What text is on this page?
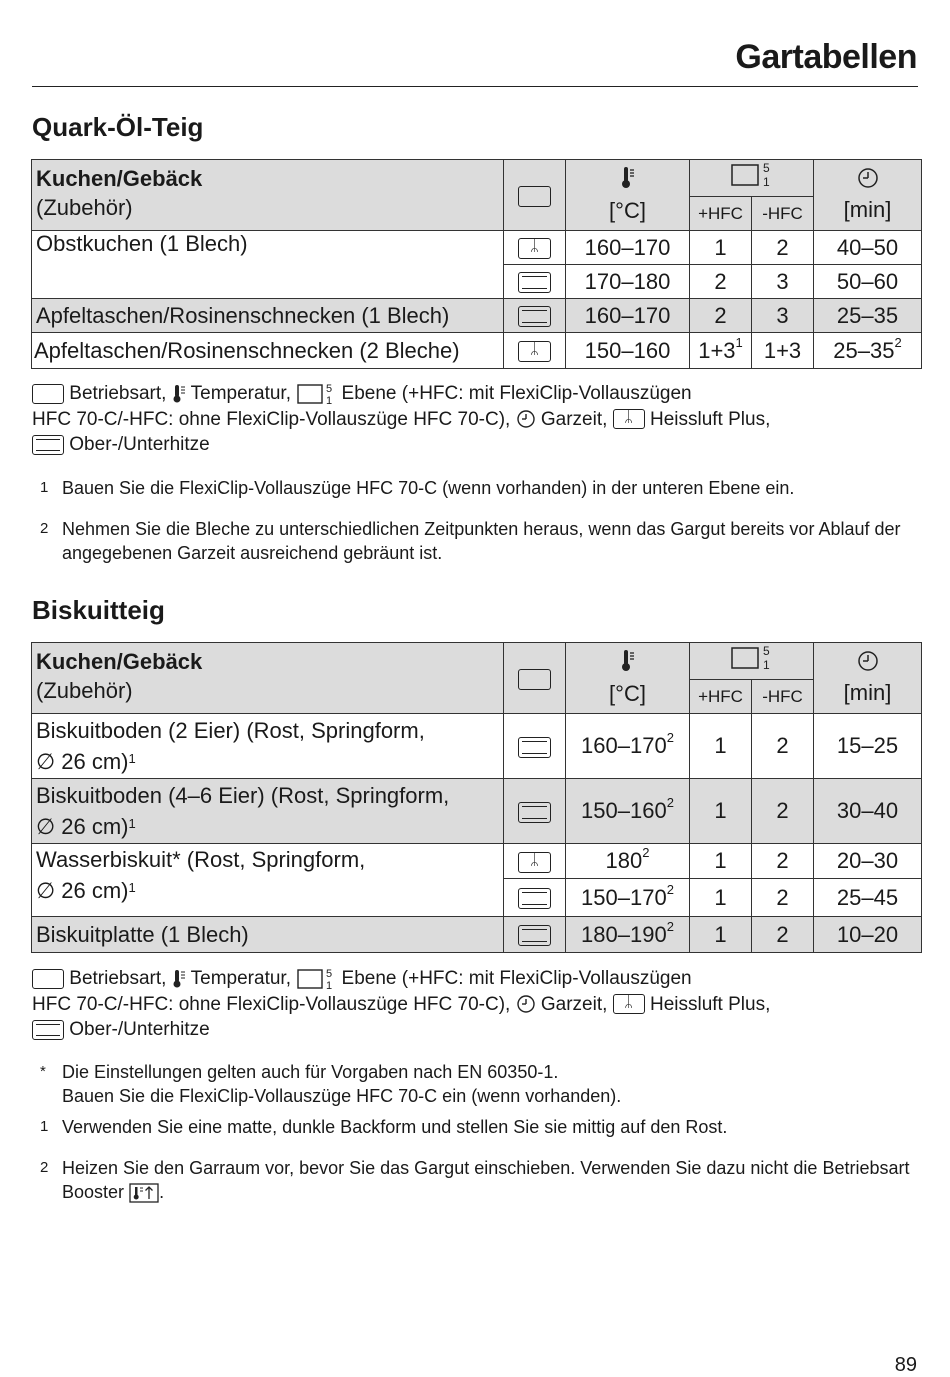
Gartabellen
Quark-Öl-Teig
Kuchen/Gebäck
(Zubehör)		[°C]	5
1		[min]
			+HFC	-HFC	
Obstkuchen (1 Blech)	ᛦ	160–170	1	2	40–50
		170–180	2	3	50–60
Apfeltaschen/Rosinenschnecken (1 Blech)		160–170	2	3	25–35
Apfeltaschen/Rosinenschnecken (2 Bleche)	ᛦ	150–160	$1+3^1$	1+3	$25-35^2$
Betriebsart, Temperatur,	5
1 Ebene (+HFC: mit FlexiClip-Vollauszügen
HFC 70-C/-HFC: ohne FlexiClip-Vollauszüge HFC 70-C), Garzeit,	ᛦ Heissluft Plus,
Ober-/Unterhitze
1 Bauen Sie die FlexiClip-Vollauszüge HFC 70-C (wenn vorhanden) in der unteren Ebene ein.
2 Nehmen Sie die Bleche zu unterschiedlichen Zeitpunkten heraus, wenn das Gargut bereits vor Ablauf der angegebenen Garzeit ausreichend gebräunt ist.
Biskuitteig
Kuchen/Gebäck
(Zubehör)		[°C]	5
1		[min]
			+HFC	-HFC	
Biskuitboden (2 Eier) (Rost, Springform,
∅ 26 cm)$^1$		$160-170^2$	1	2	15–25
Biskuitboden (4–6 Eier) (Rost, Springform,
∅ 26 cm)$^1$		$150-160^2$	1	2	30–40
Wasserbiskuit* (Rost, Springform,
∅ 26 cm)$^1$	ᛦ	$180^2$	1	2	20–30
		$150-170^2$	1	2	25–45
Biskuitplatte (1 Blech)		$180-190^2$	1	2	10–20
Betriebsart, Temperatur,	5
1 Ebene (+HFC: mit FlexiClip-Vollauszügen
HFC 70-C/-HFC: ohne FlexiClip-Vollauszüge HFC 70-C), Garzeit,	ᛦ Heissluft Plus,
Ober-/Unterhitze
* Die Einstellungen gelten auch für Vorgaben nach EN 60350-1.
Bauen Sie die FlexiClip-Vollauszüge HFC 70-C ein (wenn vorhanden).
1 Verwenden Sie eine matte, dunkle Backform und stellen Sie sie mittig auf den Rost.
2 Heizen Sie den Garraum vor, bevor Sie das Gargut einschieben. Verwenden Sie dazu nicht die Betriebsart Booster .
89
